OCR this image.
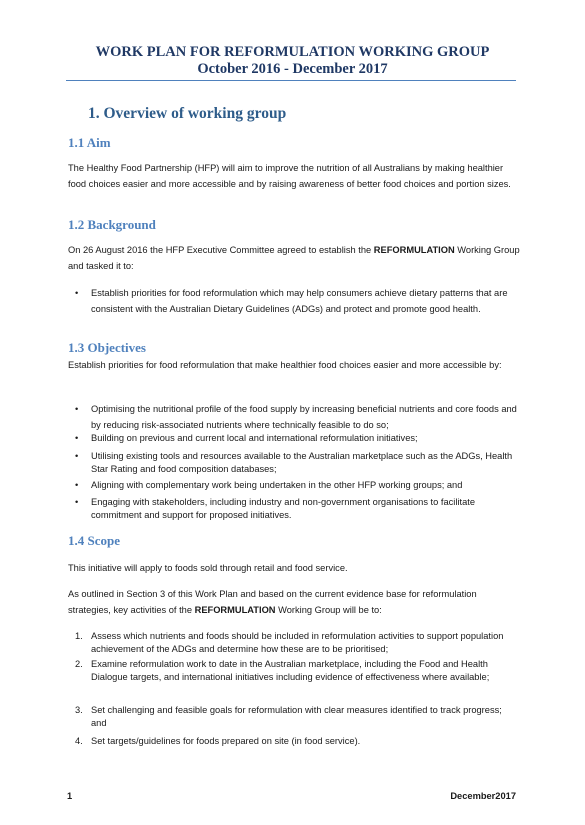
WORK PLAN FOR REFORMULATION WORKING GROUP
October 2016 - December 2017
1. Overview of working group
1.1 Aim
The Healthy Food Partnership (HFP) will aim to improve the nutrition of all Australians by making healthier food choices easier and more accessible and by raising awareness of better food choices and portion sizes.
1.2 Background
On 26 August 2016 the HFP Executive Committee agreed to establish the REFORMULATION Working Group and tasked it to:
• Establish priorities for food reformulation which may help consumers achieve dietary patterns that are consistent with the Australian Dietary Guidelines (ADGs) and protect and promote good health.
1.3 Objectives
Establish priorities for food reformulation that make healthier food choices easier and more accessible by:
• Optimising the nutritional profile of the food supply by increasing beneficial nutrients and core foods and by reducing risk-associated nutrients where technically feasible to do so;
• Building on previous and current local and international reformulation initiatives;
• Utilising existing tools and resources available to the Australian marketplace such as the ADGs, Health Star Rating and food composition databases;
• Aligning with complementary work being undertaken in the other HFP working groups; and
• Engaging with stakeholders, including industry and non-government organisations to facilitate commitment and support for proposed initiatives.
1.4 Scope
This initiative will apply to foods sold through retail and food service.
As outlined in Section 3 of this Work Plan and based on the current evidence base for reformulation strategies, key activities of the REFORMULATION Working Group will be to:
1. Assess which nutrients and foods should be included in reformulation activities to support population achievement of the ADGs and determine how these are to be prioritised;
2. Examine reformulation work to date in the Australian marketplace, including the Food and Health Dialogue targets, and international initiatives including evidence of effectiveness where available;
3. Set challenging and feasible goals for reformulation with clear measures identified to track progress; and
4. Set targets/guidelines for foods prepared on site (in food service).
1	December2017
